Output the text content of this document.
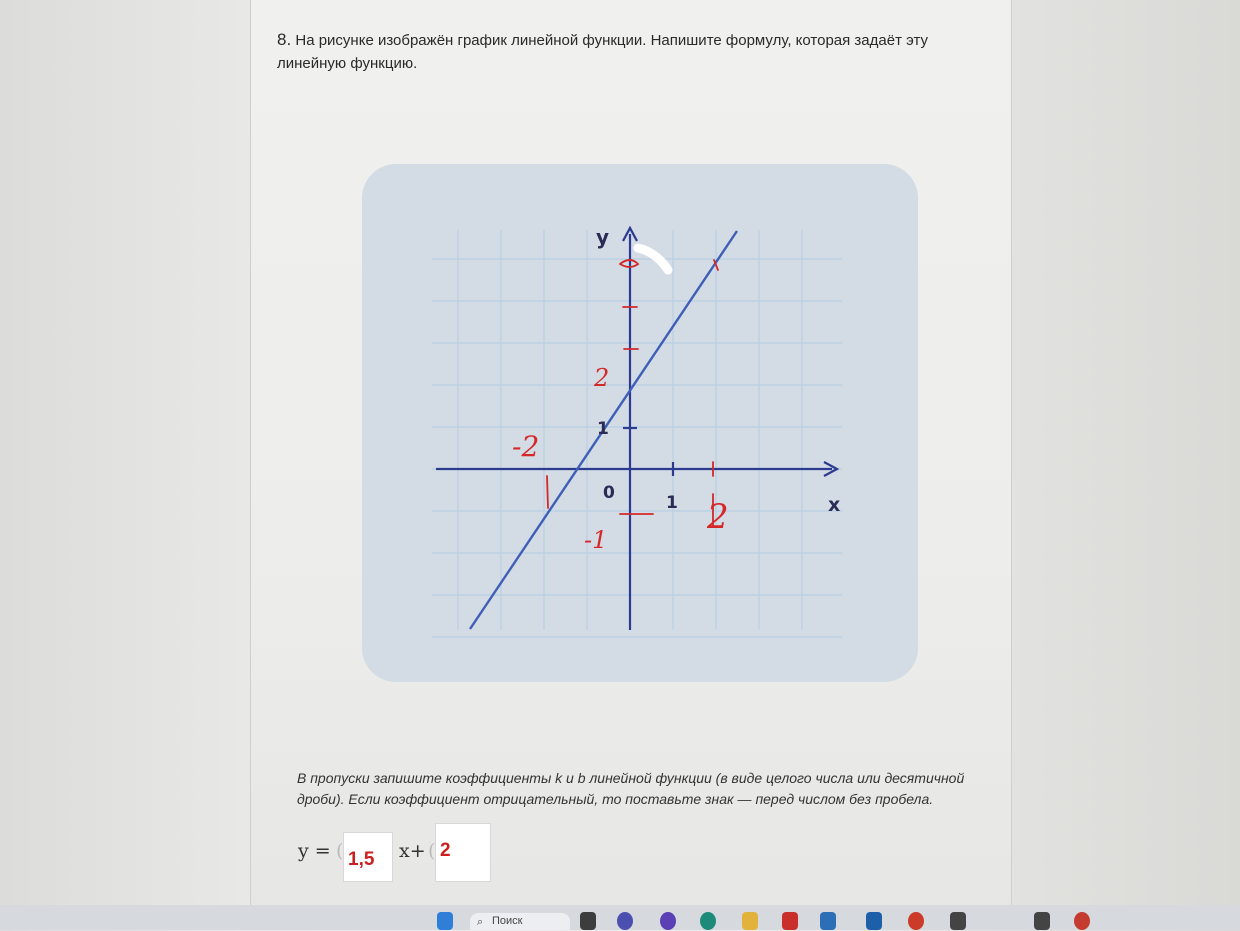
8. На рисунке изображён график линейной функции. Напишите формулу, которая задаёт эту линейную функцию.
y
x
0	1
1
2
-2
-1
2
В пропуски запишите коэффициенты k и b линейной функции (в виде целого числа или десятичной дроби). Если коэффициент отрицательный, то поставьте знак — перед числом без пробела.
y = ( 1,5	x+ ( 2
⌕ Поиск
